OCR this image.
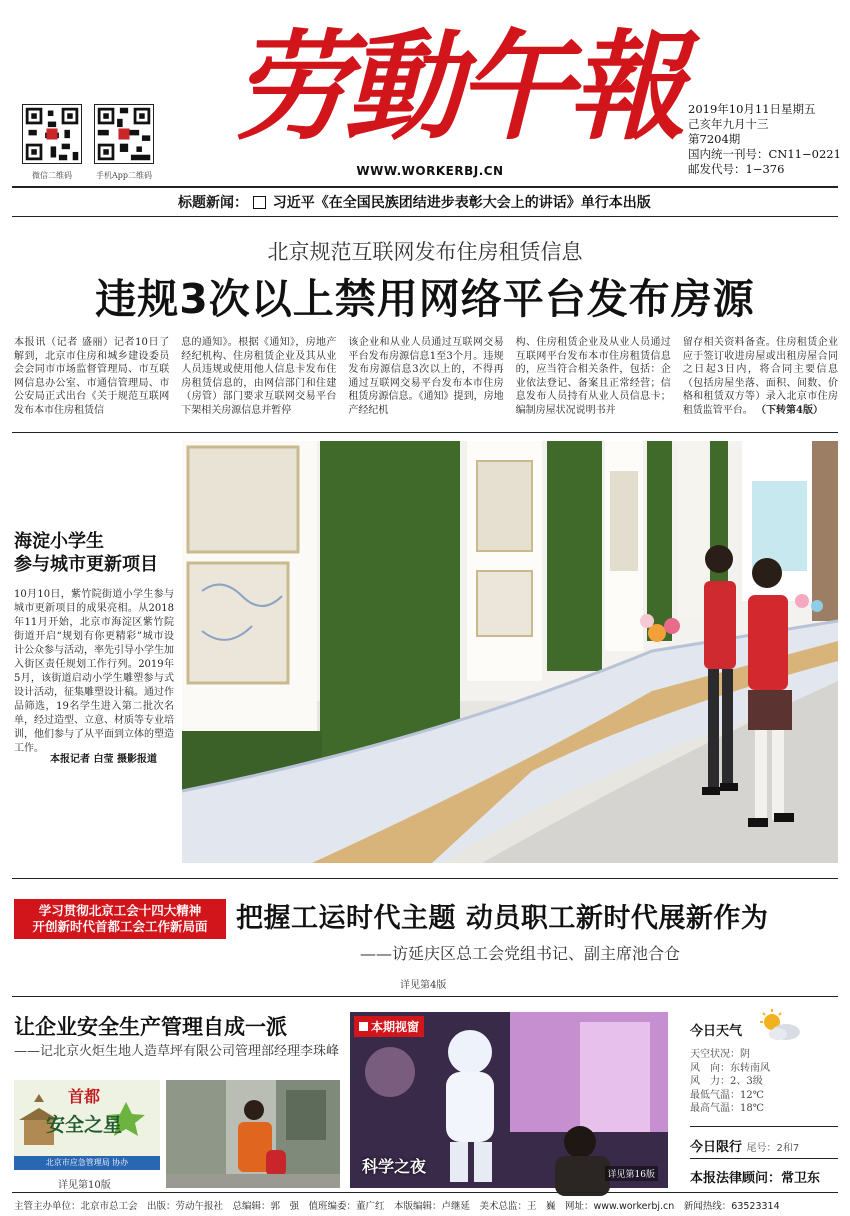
微信二维码	手机App二维码
劳動午報
WWW.WORKERBJ.CN
2019年10月11日星期五
己亥年九月十三
第7204期
国内统一刊号：CN11−0221
邮发代号：1−376
标题新闻： 习近平《在全国民族团结进步表彰大会上的讲话》单行本出版
北京规范互联网发布住房租赁信息
违规3次以上禁用网络平台发布房源
本报讯（记者 盛丽）记者10日了解到，北京市住房和城乡建设委员会会同市市场监督管理局、市互联网信息办公室、市通信管理局、市公安局正式出台《关于规范互联网发布本市住房租赁信
息的通知》。根据《通知》，房地产经纪机构、住房租赁企业及其从业人员违规或使用他人信息卡发布住房租赁信息的，由网信部门和住建（房管）部门要求互联网交易平台下架相关房源信息并暂停
该企业和从业人员通过互联网交易平台发布房源信息1至3个月。违规发布房源信息3次以上的，不得再通过互联网交易平台发布本市住房租赁房源信息。《通知》提到，房地产经纪机
构、住房租赁企业及从业人员通过互联网平台发布本市住房租赁信息的，应当符合相关条件，包括：企业依法登记、备案且正常经营；信息发布人员持有从业人员信息卡；编制房屋状况说明书并
留存相关资料备查。住房租赁企业应于签订收进房屋或出租房屋合同之日起3日内，将合同主要信息（包括房屋坐落、面积、间数、价格和租赁双方等）录入北京市住房租赁监管平台。 （下转第4版）
海淀小学生
参与城市更新项目
10月10日，紫竹院街道小学生参与城市更新项目的成果亮相。从2018年11月开始，北京市海淀区紫竹院街道开启“规划有你更精彩”城市设计公众参与活动，率先引导小学生加入街区责任规划工作行列。2019年5月，该街道启动小学生雕塑参与式设计活动，征集雕塑设计稿。通过作品筛选，19名学生进入第二批次名单，经过造型、立意、材质等专业培训，他们参与了从平面到立体的塑造工作。
本报记者 白莹 摄影报道
学习贯彻北京工会十四大精神
开创新时代首都工会工作新局面	把握工运时代主题 动员职工新时代展新作为
——访延庆区总工会党组书记、副主席池合仓
详见第4版
让企业安全生产管理自成一派
——记北京火炬生地人造草坪有限公司管理部经理李珠峰
首都
安全之星
北京市应急管理局 协办
详见第10版
本期视窗
科学之夜	详见第16版
今日天气
天空状况：阴
风　向：东转南风
风　力：2、3级
最低气温：12℃
最高气温：18℃
今日限行 尾号：2和7
本报法律顾问：常卫东
主管主办单位：北京市总工会　出版：劳动午报社　总编辑：郭　强　值班编委：董广红　本版编辑：卢继延　美术总监：王　巍　网址：www.workerbj.cn　新闻热线：63523314
